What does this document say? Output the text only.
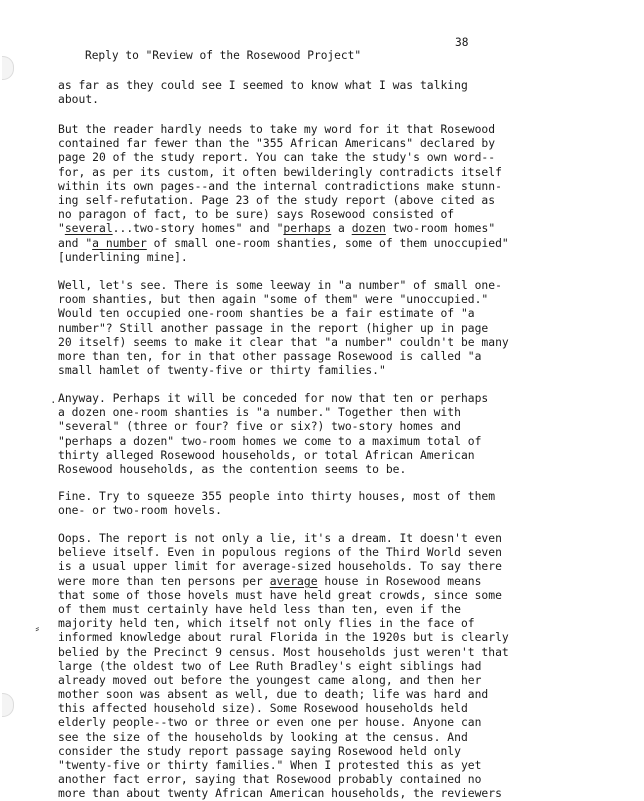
Reply to "Review of the Rosewood Project"

38

as far as they could see I seemed to know what I was talking
about.
But the reader hardly needs to take my word for it that Rosewood
contained far fewer than the "355 African Americans" declared by
page 20 of the study report. You can take the study's own word--
for, as per its custom, it often bewilderingly contradicts itself
within its own pages--and the internal contradictions make stunn-
ing self-refutation. Page 23 of the study report (above cited as
no paragon of fact, to be sure) says Rosewood consisted of
"several...two-story homes" and "perhaps a dozen two-room homes"
and "a number of small one-room shanties, some of them unoccupied"
[underlining mine].
Well, let's see. There is some leeway in "a number" of small one-
room shanties, but then again "some of them" were "unoccupied."
Would ten occupied one-room shanties be a fair estimate of "a
number"? Still another passage in the report (higher up in page
20 itself) seems to make it clear that "a number" couldn't be many
more than ten, for in that other passage Rosewood is called "a
small hamlet of twenty-five or thirty families."
Anyway. Perhaps it will be conceded for now that ten or perhaps
a dozen one-room shanties is "a number." Together then with
"several" (three or four? five or six?) two-story homes and
"perhaps a dozen" two-room homes we come to a maximum total of
thirty alleged Rosewood households, or total African American
Rosewood households, as the contention seems to be.
Fine. Try to squeeze 355 people into thirty houses, most of them
one- or two-room hovels.
Oops. The report is not only a lie, it's a dream. It doesn't even
believe itself. Even in populous regions of the Third World seven
is a usual upper limit for average-sized households. To say there
were more than ten persons per average house in Rosewood means
that some of those hovels must have held great crowds, since some
of them must certainly have held less than ten, even if the
majority held ten, which itself not only flies in the face of
informed knowledge about rural Florida in the 1920s but is clearly
belied by the Precinct 9 census. Most households just weren't that
large (the oldest two of Lee Ruth Bradley's eight siblings had
already moved out before the youngest came along, and then her
mother soon was absent as well, due to death; life was hard and
this affected household size). Some Rosewood households held
elderly people--two or three or even one per house. Anyone can
see the size of the households by looking at the census. And
consider the study report passage saying Rosewood held only
"twenty-five or thirty families." When I protested this as yet
another fact error, saying that Rosewood probably contained no
more than about twenty African American households, the reviewers
·
⸗
